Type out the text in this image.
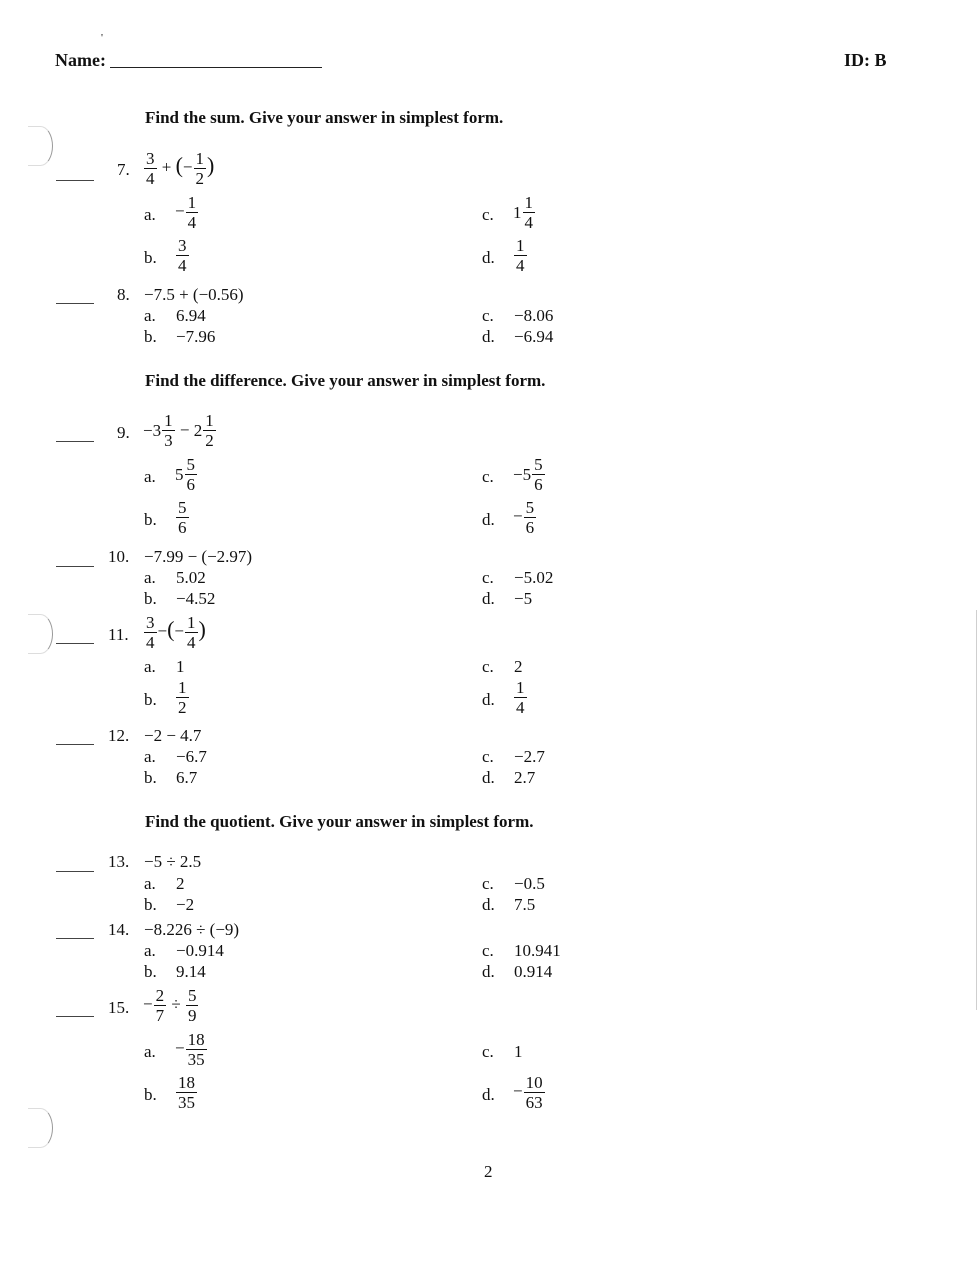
'
Name:	ID: B
Find the sum. Give your answer in simplest form.
7. $\frac{3}{4}$ + (− $\frac{1}{2}$ )
a. − $\frac{1}{4}$	c. $1 \frac{1}{4}$
b. $\frac{3}{4}$	d. $\frac{1}{4}$
8. −7.5 + (−0.56)
a. 6.94	c. −8.06
b. −7.96	d. −6.94
Find the difference. Give your answer in simplest form.
9. $-3 \frac{1}{3} - 2 \frac{1}{2}$
a. $5 \frac{5}{6}$	c. $-5 \frac{5}{6}$
b. $\frac{5}{6}$	d. − $\frac{5}{6}$
10. −7.99 − (−2.97)
a. 5.02	c. −5.02
b. −4.52	d. −5
11. $\frac{3}{4}$ −(− $\frac{1}{4}$ )
a. 1	c. 2
b. $\frac{1}{2}$	d. $\frac{1}{4}$
12. −2 − 4.7
a. −6.7	c. −2.7
b. 6.7	d. 2.7
Find the quotient. Give your answer in simplest form.
13. −5 ÷ 2.5
a. 2	c. −0.5
b. −2	d. 7.5
14. −8.226 ÷ (−9)
a. −0.914	c. 10.941
b. 9.14	d. 0.914
15. − $\frac{2}{7} \div \frac{5}{9}$
a. − $\frac{18}{35}$	c. 1
b. $\frac{18}{35}$	d. − $\frac{10}{63}$
2
